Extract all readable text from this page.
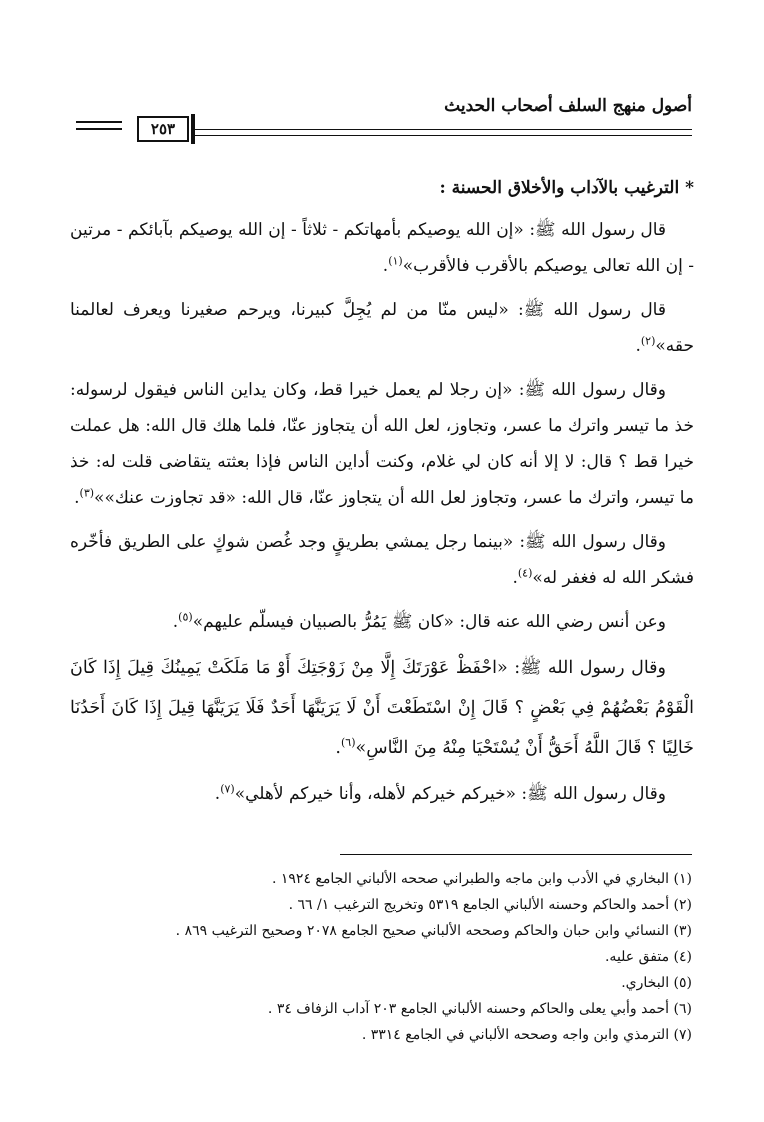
أصول منهج السلف أصحاب الحديث
٢٥٣
* الترغيب بالآداب والأخلاق الحسنة :

قال رسول الله ﷺ: «إن الله يوصيكم بأمهاتكم - ثلاثاً - إن الله يوصيكم بآبائكم - مرتين - إن الله تعالى يوصيكم بالأقرب فالأقرب»$^{(١)}$.

قال رسول الله ﷺ: «ليس منّا من لم يُجِلَّ كبيرنا، ويرحم صغيرنا ويعرف لعالمنا حقه»$^{(٢)}$.

وقال رسول الله ﷺ: «إن رجلا لم يعمل خيرا قط، وكان يداين الناس فيقول لرسوله: خذ ما تيسر واترك ما عسر، وتجاوز، لعل الله أن يتجاوز عنّا، فلما هلك قال الله: هل عملت خيرا قط ؟ قال: لا إلا أنه كان لي غلام، وكنت أداين الناس فإذا بعثته يتقاضى قلت له: خذ ما تيسر، واترك ما عسر، وتجاوز لعل الله أن يتجاوز عنّا، قال الله: «قد تجاوزت عنك»»$^{(٣)}$.

وقال رسول الله ﷺ: «بينما رجل يمشي بطريقٍ وجد غُصن شوكٍ على الطريق فأخّره فشكر الله له فغفر له»$^{(٤)}$.

وعن أنس رضي الله عنه قال: «كان ﷺ يَمُرُّ بالصبيان فيسلّم عليهم»$^{(٥)}$.

وقال رسول الله ﷺ: «احْفَظْ عَوْرَتَكَ إِلَّا مِنْ زَوْجَتِكَ أَوْ مَا مَلَكَتْ يَمِينُكَ قِيلَ إِذَا كَانَ الْقَوْمُ بَعْضُهُمْ فِي بَعْضٍ ؟ قَالَ إِنْ اسْتَطَعْتَ أَنْ لَا يَرَيَنَّهَا أَحَدٌ فَلَا يَرَيَنَّهَا قِيلَ إِذَا كَانَ أَحَدُنَا خَالِيًا ؟ قَالَ اللَّهُ أَحَقُّ أَنْ يُسْتَحْيَا مِنْهُ مِنَ النَّاسِ»$^{(٦)}$.

وقال رسول الله ﷺ: «خيركم خيركم لأهله، وأنا خيركم لأهلي»$^{(٧)}$.

(١) البخاري في الأدب وابن ماجه والطبراني صححه الألباني الجامع ١٩٢٤ .

(٢) أحمد والحاكم وحسنه الألباني الجامع ٥٣١٩ وتخريج الترغيب ١/ ٦٦ .

(٣) النسائي وابن حبان والحاكم وصححه الألباني صحيح الجامع ٢٠٧٨ وصحيح الترغيب ٨٦٩ .

(٤) متفق عليه.

(٥) البخاري.

(٦) أحمد وأبي يعلى والحاكم وحسنه الألباني الجامع ٢٠٣ آداب الزفاف ٣٤ .

(٧) الترمذي وابن واجه وصححه الألباني في الجامع ٣٣١٤ .
